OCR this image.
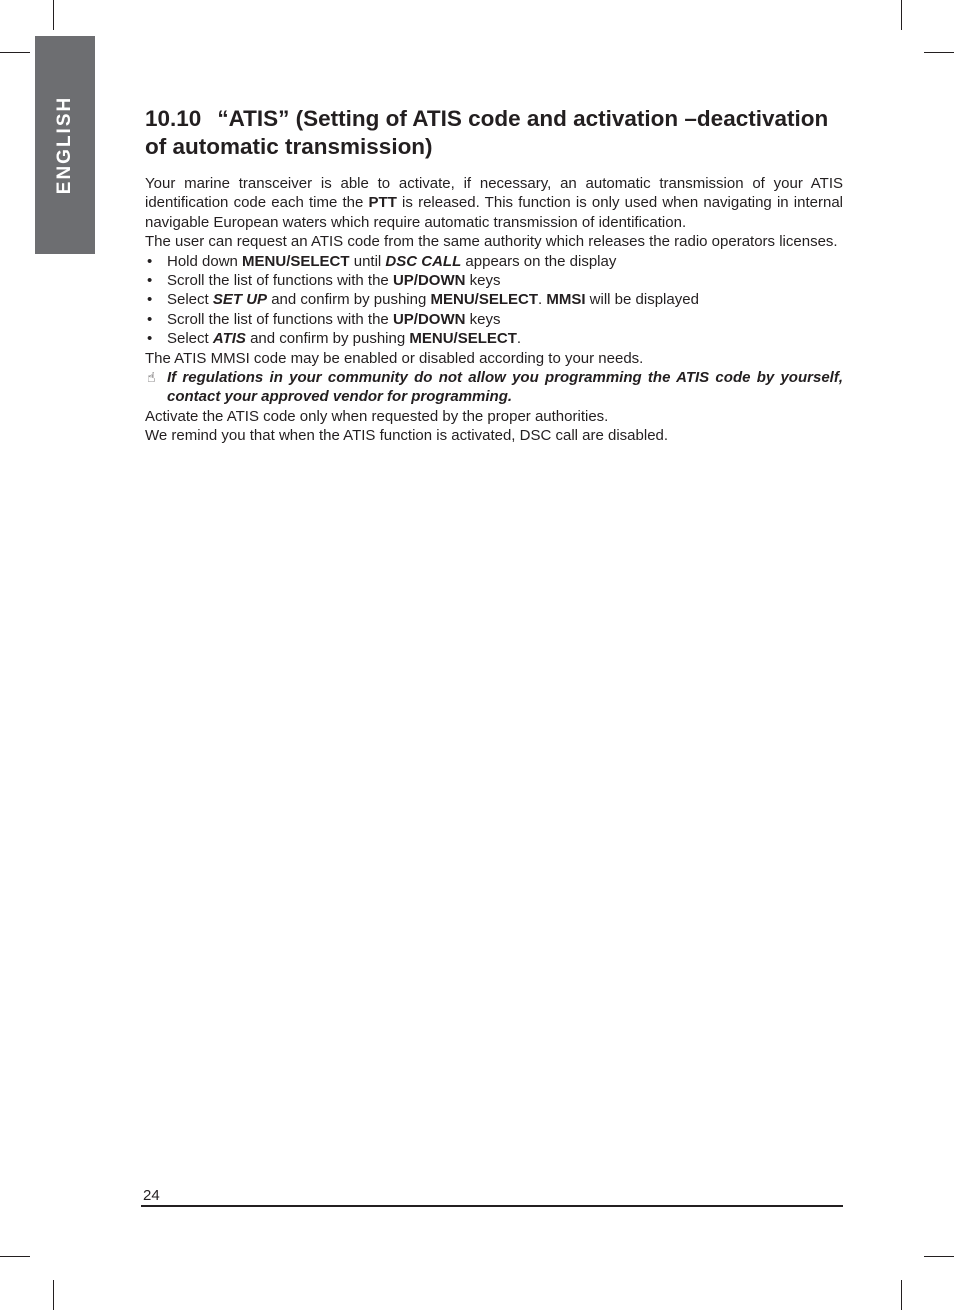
ENGLISH	10.10 “ATIS” (Setting of ATIS code and activation –deactivation of automatic transmission)

Your marine transceiver is able to activate, if necessary, an automatic transmission of your ATIS identification code each time the PTT is released. This function is only used when navigating in internal navigable European waters which require automatic transmission of identification.

The user can request an ATIS code from the same authority which releases the radio operators licenses.

• Hold down MENU/SELECT until DSC CALL appears on the display
• Scroll the list of functions with the UP/DOWN keys
• Select SET UP and confirm by pushing MENU/SELECT. MMSI will be displayed
• Scroll the list of functions with the UP/DOWN keys
• Select ATIS and confirm by pushing MENU/SELECT.

The ATIS MMSI code may be enabled or disabled according to your needs.

☝ If regulations in your community do not allow you programming the ATIS code by yourself, contact your approved vendor for programming.

Activate the ATIS code only when requested by the proper authorities.

We remind you that when the ATIS function is activated, DSC call are disabled.

24
